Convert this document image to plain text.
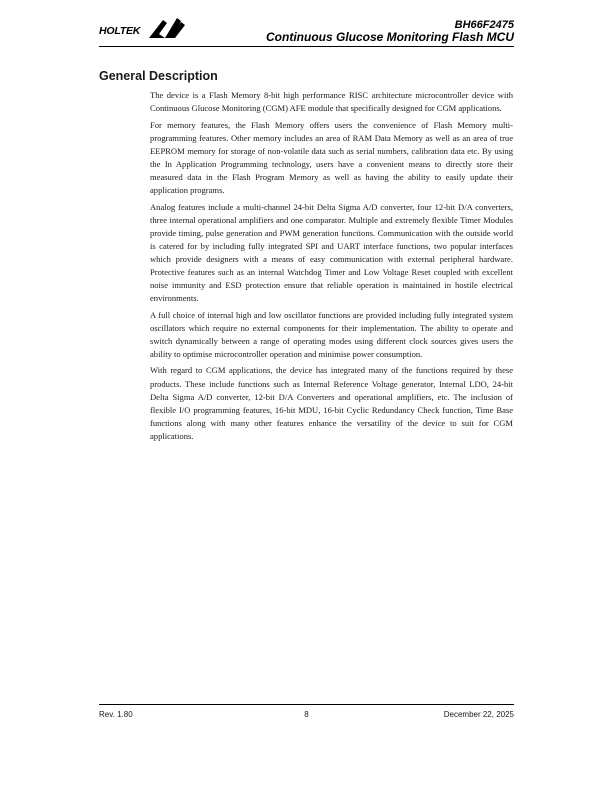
HOLTEK	BH66F2475
Continuous Glucose Monitoring Flash MCU
General Description

The device is a Flash Memory 8-bit high performance RISC architecture microcontroller device with Continuous Glucose Monitoring (CGM) AFE module that specifically designed for CGM applications.

For memory features, the Flash Memory offers users the convenience of Flash Memory multi-programming features. Other memory includes an area of RAM Data Memory as well as an area of true EEPROM memory for storage of non-volatile data such as serial numbers, calibration data etc. By using the In Application Programming technology, users have a convenient means to directly store their measured data in the Flash Program Memory as well as having the ability to easily update their application programs.

Analog features include a multi-channel 24-bit Delta Sigma A/D converter, four 12-bit D/A converters, three internal operational amplifiers and one comparator. Multiple and extremely flexible Timer Modules provide timing, pulse generation and PWM generation functions. Communication with the outside world is catered for by including fully integrated SPI and UART interface functions, two popular interfaces which provide designers with a means of easy communication with external peripheral hardware. Protective features such as an internal Watchdog Timer and Low Voltage Reset coupled with excellent noise immunity and ESD protection ensure that reliable operation is maintained in hostile electrical environments.

A full choice of internal high and low oscillator functions are provided including fully integrated system oscillators which require no external components for their implementation. The ability to operate and switch dynamically between a range of operating modes using different clock sources gives users the ability to optimise microcontroller operation and minimise power consumption.

With regard to CGM applications, the device has integrated many of the functions required by these products. These include functions such as Internal Reference Voltage generator, Internal LDO, 24-bit Delta Sigma A/D converter, 12-bit D/A Converters and operational amplifiers, etc. The inclusion of flexible I/O programming features, 16-bit MDU, 16-bit Cyclic Redundancy Check function, Time Base functions along with many other features enhance the versatility of the device to suit for CGM applications.

Rev. 1.80	8	December 22, 2025
